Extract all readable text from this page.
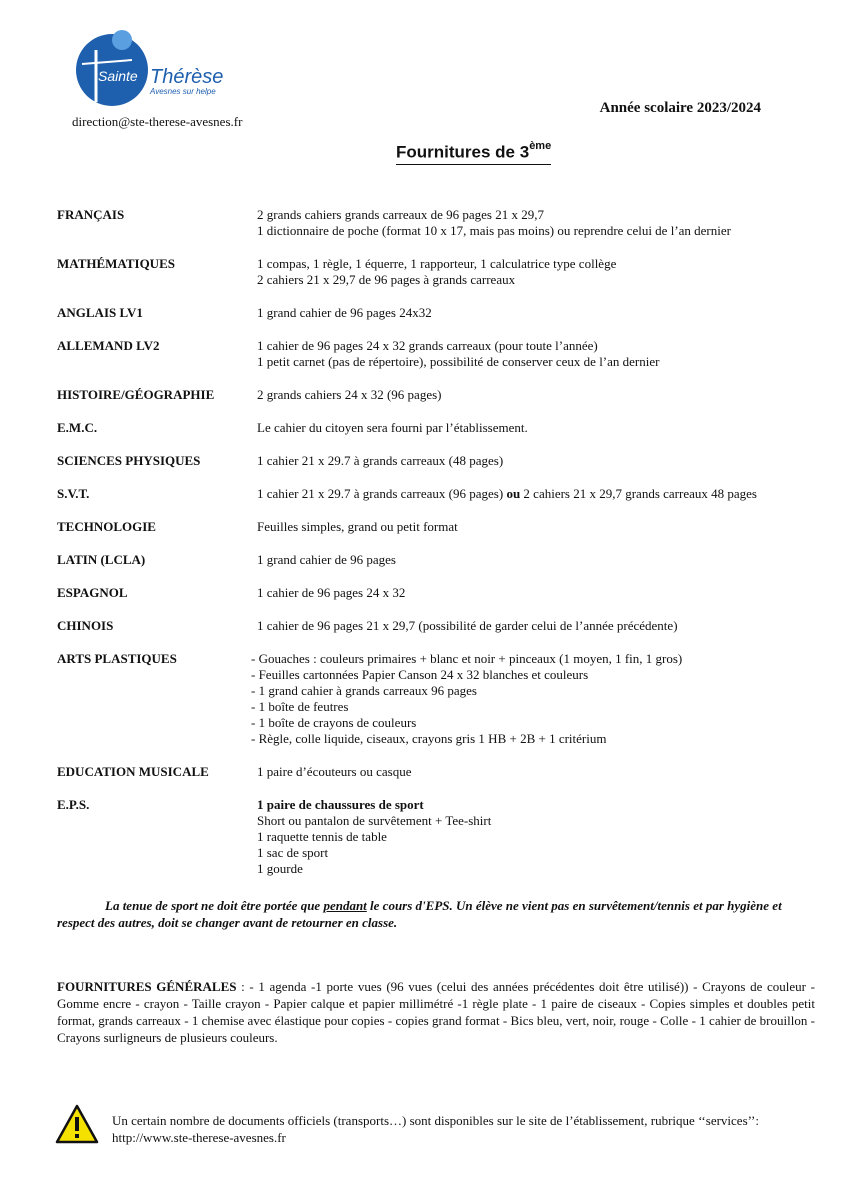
Sainte Thérèse
Avesnes sur helpe
direction@ste-therese-avesnes.fr
Année scolaire 2023/2024
Fournitures de 3ème
FRANÇAIS	2 grands cahiers grands carreaux de 96 pages 21 x 29,7
1 dictionnaire de poche (format 10 x 17, mais pas moins) ou reprendre celui de l’an dernier
MATHÉMATIQUES	1 compas, 1 règle, 1 équerre, 1 rapporteur, 1 calculatrice type collège
2 cahiers 21 x 29,7 de 96 pages à grands carreaux
ANGLAIS LV1	1 grand cahier de 96 pages 24x32
ALLEMAND LV2	1 cahier de 96 pages 24 x 32 grands carreaux (pour toute l’année)
1 petit carnet (pas de répertoire), possibilité de conserver ceux de l’an dernier
HISTOIRE/GÉOGRAPHIE	2 grands cahiers 24 x 32 (96 pages)
E.M.C.	Le cahier du citoyen sera fourni par l’établissement.
SCIENCES PHYSIQUES	1 cahier 21 x 29.7 à grands carreaux (48 pages)
S.V.T.	1 cahier 21 x 29.7 à grands carreaux (96 pages) ou 2 cahiers 21 x 29,7 grands carreaux 48 pages
TECHNOLOGIE	Feuilles simples, grand ou petit format
LATIN (LCLA)	1 grand cahier de 96 pages
ESPAGNOL	1 cahier de 96 pages 24 x 32
CHINOIS	1 cahier de 96 pages 21 x 29,7 (possibilité de garder celui de l’année précédente)
ARTS PLASTIQUES	- Gouaches : couleurs primaires + blanc et noir + pinceaux (1 moyen, 1 fin, 1 gros)
- Feuilles cartonnées Papier Canson 24 x 32 blanches et couleurs
- 1 grand cahier à grands carreaux 96 pages
- 1 boîte de feutres
- 1 boîte de crayons de couleurs
- Règle, colle liquide, ciseaux, crayons gris 1 HB + 2B + 1 critérium
EDUCATION MUSICALE	1 paire d’écouteurs ou casque
E.P.S.	1 paire de chaussures de sport
Short ou pantalon de survêtement + Tee-shirt
1 raquette tennis de table
1 sac de sport
1 gourde
La tenue de sport ne doit être portée que pendant le cours d'EPS. Un élève ne vient pas en survêtement/tennis et par hygiène et respect des autres, doit se changer avant de retourner en classe.
FOURNITURES GÉNÉRALES : - 1 agenda -1 porte vues (96 vues (celui des années précédentes doit être utilisé)) - Crayons de couleur - Gomme encre - crayon - Taille crayon - Papier calque et papier millimétré -1 règle plate - 1 paire de ciseaux - Copies simples et doubles petit format, grands carreaux - 1 chemise avec élastique pour copies - copies grand format - Bics bleu, vert, noir, rouge - Colle - 1 cahier de brouillon - Crayons surligneurs de plusieurs couleurs.
Un certain nombre de documents officiels (transports…) sont disponibles sur le site de l’établissement, rubrique ‘‘services’’:
http://www.ste-therese-avesnes.fr
